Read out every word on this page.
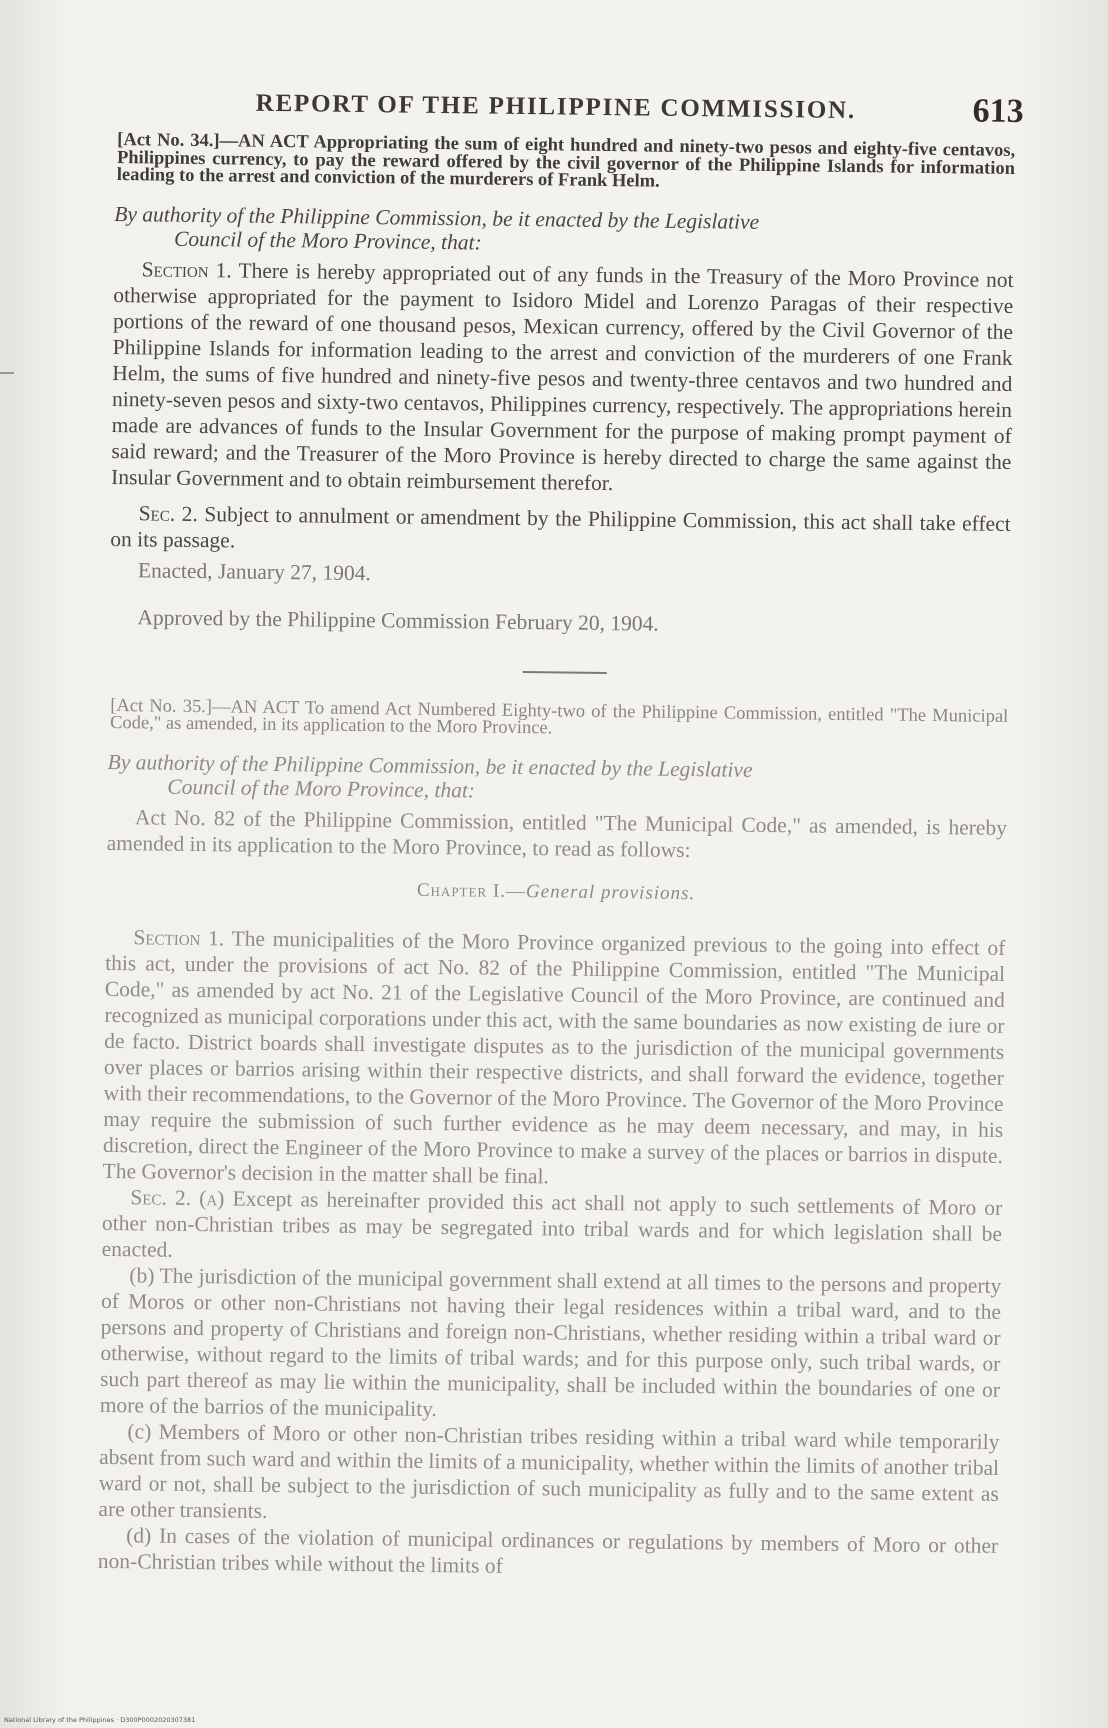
REPORT OF THE PHILIPPINE COMMISSION.	613
[Act No. 34.]—AN ACT Appropriating the sum of eight hundred and ninety-two pesos and eighty-five centavos, Philippines currency, to pay the reward offered by the civil governor of the Philippine Islands for information leading to the arrest and conviction of the murderers of Frank Helm.
By authority of the Philippine Commission, be it enacted by the Legislative
Council of the Moro Province, that:

Section 1. There is hereby appropriated out of any funds in the Treasury of the Moro Province not otherwise appropriated for the payment to Isidoro Midel and Lorenzo Paragas of their respective portions of the reward of one thousand pesos, Mexican currency, offered by the Civil Governor of the Philippine Islands for information leading to the arrest and conviction of the murderers of one Frank Helm, the sums of five hundred and ninety-five pesos and twenty-three centavos and two hundred and ninety-seven pesos and sixty-two centavos, Philippines currency, respectively. The appropriations herein made are advances of funds to the Insular Government for the purpose of making prompt payment of said reward; and the Treasurer of the Moro Province is hereby directed to charge the same against the Insular Government and to obtain reimbursement therefor.

Sec. 2. Subject to annulment or amendment by the Philippine Commission, this act shall take effect on its passage.

Enacted, January 27, 1904.

Approved by the Philippine Commission February 20, 1904.

[Act No. 35.]—AN ACT To amend Act Numbered Eighty-two of the Philippine Commission, entitled "The Municipal Code," as amended, in its application to the Moro Province.
By authority of the Philippine Commission, be it enacted by the Legislative
Council of the Moro Province, that:

Act No. 82 of the Philippine Commission, entitled "The Municipal Code," as amended, is hereby amended in its application to the Moro Province, to read as follows:

Chapter I.—General provisions.

Section 1. The municipalities of the Moro Province organized previous to the going into effect of this act, under the provisions of act No. 82 of the Philippine Commission, entitled "The Municipal Code," as amended by act No. 21 of the Legislative Council of the Moro Province, are continued and recognized as municipal corporations under this act, with the same boundaries as now existing de iure or de facto. District boards shall investigate disputes as to the jurisdiction of the municipal governments over places or barrios arising within their respective districts, and shall forward the evidence, together with their recommendations, to the Governor of the Moro Province. The Governor of the Moro Province may require the submission of such further evidence as he may deem necessary, and may, in his discretion, direct the Engineer of the Moro Province to make a survey of the places or barrios in dispute. The Governor's decision in the matter shall be final.

Sec. 2. (a) Except as hereinafter provided this act shall not apply to such settlements of Moro or other non-Christian tribes as may be segregated into tribal wards and for which legislation shall be enacted.

(b) The jurisdiction of the municipal government shall extend at all times to the persons and property of Moros or other non-Christians not having their legal residences within a tribal ward, and to the persons and property of Christians and foreign non-Christians, whether residing within a tribal ward or otherwise, without regard to the limits of tribal wards; and for this purpose only, such tribal wards, or such part thereof as may lie within the municipality, shall be included within the boundaries of one or more of the barrios of the municipality.

(c) Members of Moro or other non-Christian tribes residing within a tribal ward while temporarily absent from such ward and within the limits of a municipality, whether within the limits of another tribal ward or not, shall be subject to the jurisdiction of such municipality as fully and to the same extent as are other transients.

(d) In cases of the violation of municipal ordinances or regulations by members of Moro or other non-Christian tribes while without the limits of

National Library of the Philippines · D300P0002020307381
